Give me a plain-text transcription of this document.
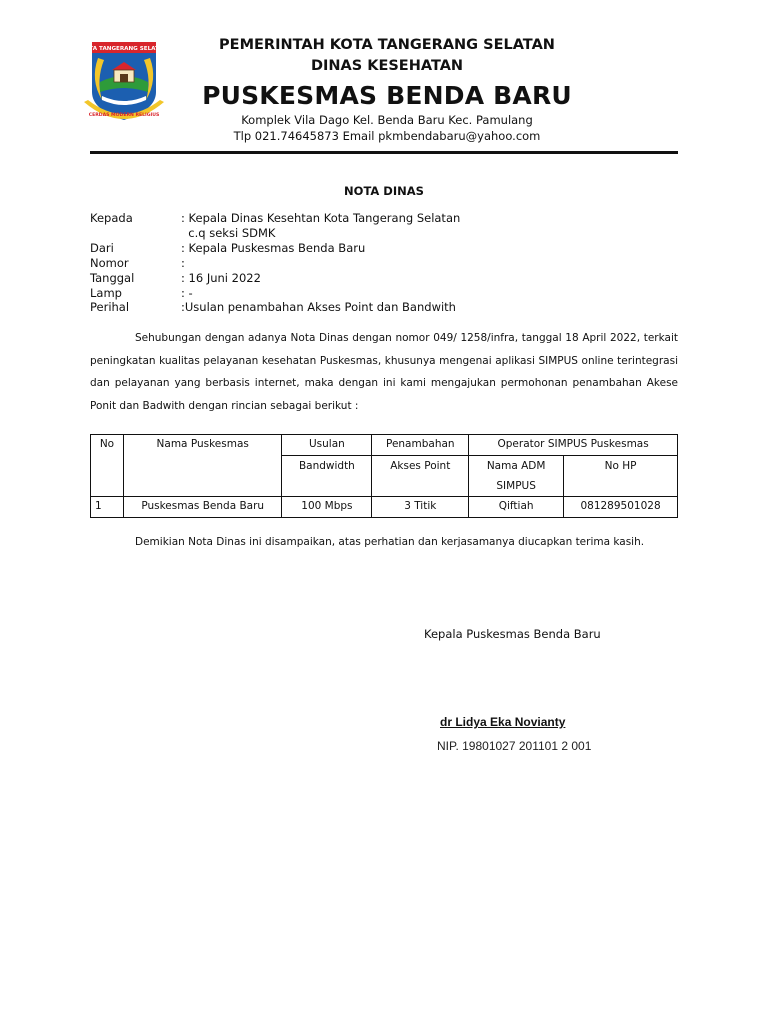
KOTA TANGERANG SELATAN
CERDAS MODERN RELIGIUS
PEMERINTAH KOTA TANGERANG SELATAN
DINAS KESEHATAN
PUSKESMAS BENDA BARU
Komplek Vila Dago Kel. Benda Baru Kec. Pamulang
Tlp 021.74645873 Email pkmbendabaru@yahoo.com
NOTA DINAS
Kepada	: Kepala Dinas Kesehtan Kota Tangerang Selatan
c.q seksi SDMK
Dari	: Kepala Puskesmas Benda Baru
Nomor	:
Tanggal	: 16 Juni 2022
Lamp	: -
Perihal	:Usulan penambahan Akses Point dan Bandwith

Sehubungan dengan adanya Nota Dinas dengan nomor 049/ 1258/infra, tanggal 18 April 2022, terkait peningkatan kualitas pelayanan kesehatan Puskesmas, khusunya mengenai aplikasi SIMPUS online terintegrasi dan pelayanan yang berbasis internet, maka dengan ini kami mengajukan permohonan penambahan Akese Ponit dan Badwith dengan rincian sebagai berikut :

No	Nama Puskesmas	Usulan	Penambahan	Operator SIMPUS Puskesmas	
		Bandwidth	Akses Point	Nama ADM SIMPUS	No HP
1	Puskesmas Benda Baru	100 Mbps	3 Titik	Qiftiah	081289501028

Demikian Nota Dinas ini disampaikan, atas perhatian dan kerjasamanya diucapkan terima kasih.

Kepala Puskesmas Benda Baru
dr Lidya Eka Novianty
NIP. 19801027 201101 2 001
